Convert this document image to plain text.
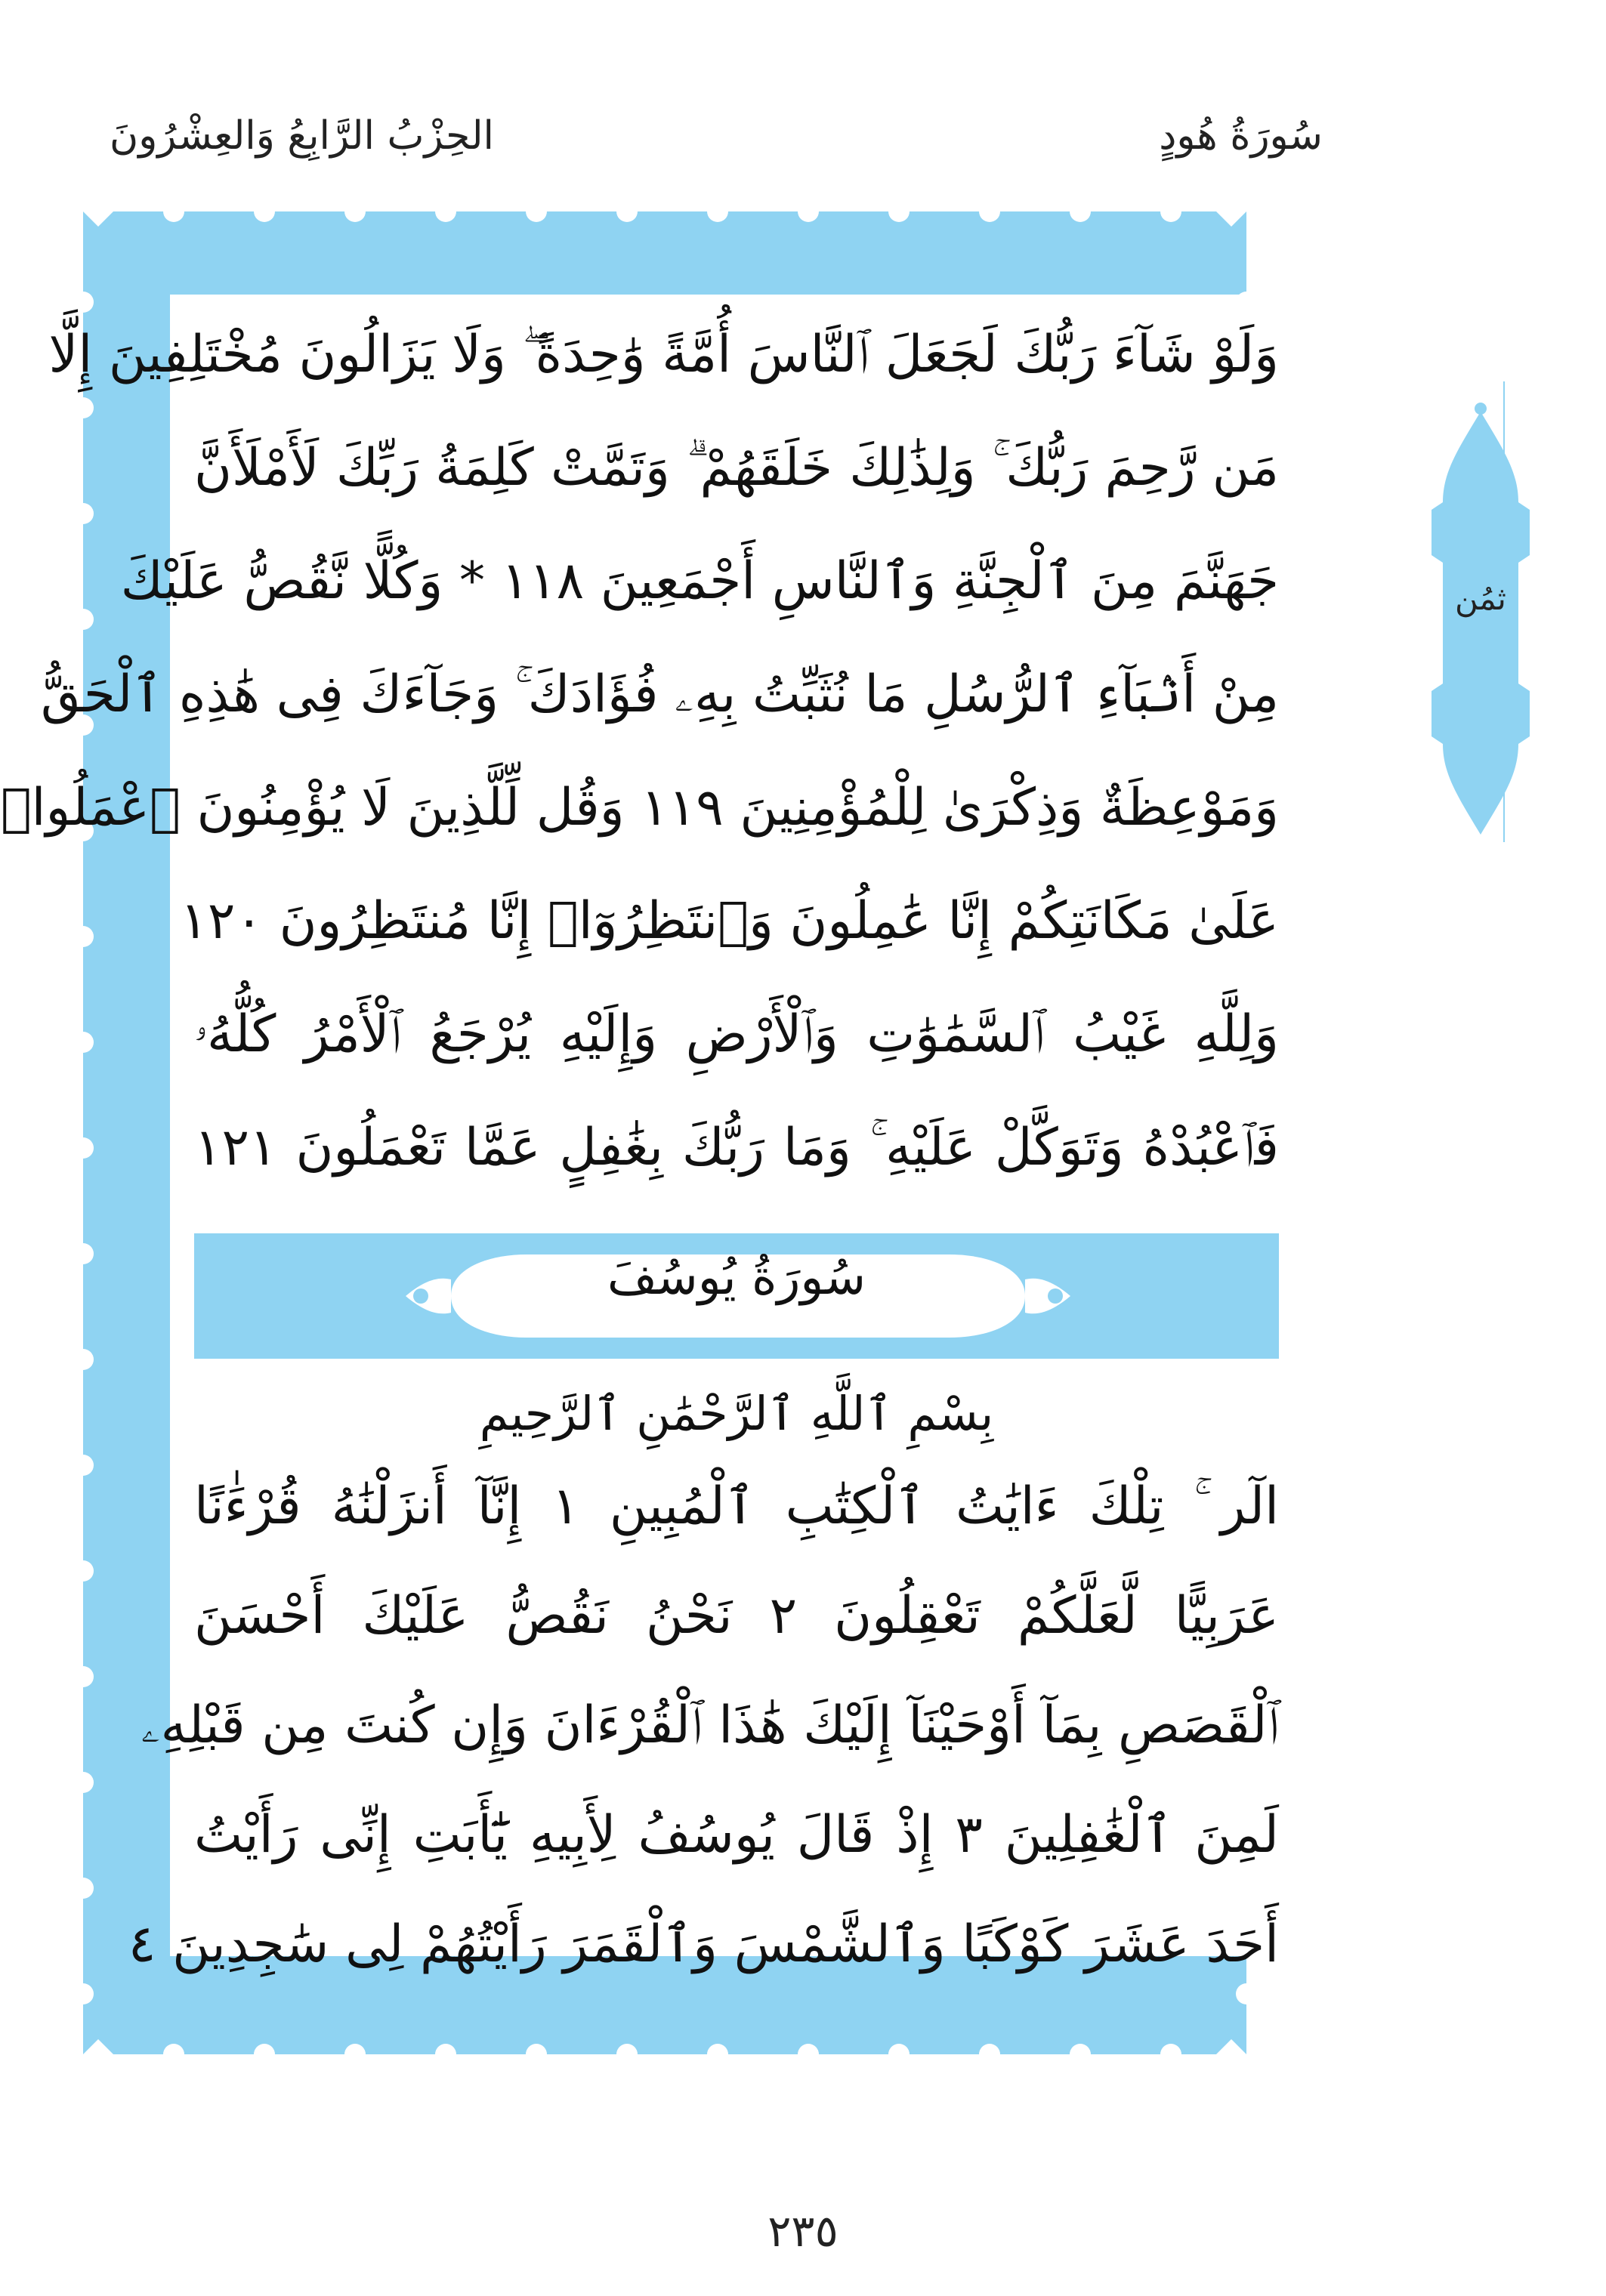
سُورَةُ هُودٍ
الحِزْبُ الرَّابِعُ وَالعِشْرُونَ
وَلَوْ شَآءَ رَبُّكَ لَجَعَلَ ٱلنَّاسَ أُمَّةً وَٰحِدَةً ۖ وَلَا يَزَالُونَ مُخْتَلِفِينَ إِلَّا
مَن رَّحِمَ رَبُّكَ ۚ وَلِذَٰلِكَ خَلَقَهُمْ ۗ وَتَمَّتْ كَلِمَةُ رَبِّكَ لَأَمْلَأَنَّ
جَهَنَّمَ مِنَ ٱلْجِنَّةِ وَٱلنَّاسِ أَجْمَعِينَ ١١٨ * وَكُلًّا نَّقُصُّ عَلَيْكَ
مِنْ أَنۢبَآءِ ٱلرُّسُلِ مَا نُثَبِّتُ بِهِۦ فُؤَادَكَ ۚ وَجَآءَكَ فِى هَٰذِهِ ٱلْحَقُّ
وَمَوْعِظَةٌ وَذِكْرَىٰ لِلْمُؤْمِنِينَ ١١٩ وَقُل لِّلَّذِينَ لَا يُؤْمِنُونَ ٱعْمَلُوا۟
عَلَىٰ مَكَانَتِكُمْ إِنَّا عَٰمِلُونَ وَٱنتَظِرُوٓا۟ إِنَّا مُنتَظِرُونَ ١٢٠
وَلِلَّهِ غَيْبُ ٱلسَّمَٰوَٰتِ وَٱلْأَرْضِ وَإِلَيْهِ يُرْجَعُ ٱلْأَمْرُ كُلُّهُۥ
فَٱعْبُدْهُ وَتَوَكَّلْ عَلَيْهِ ۚ وَمَا رَبُّكَ بِغَٰفِلٍ عَمَّا تَعْمَلُونَ ١٢١
سُورَةُ يُوسُفَ
بِسْمِ ٱللَّهِ ٱلرَّحْمَٰنِ ٱلرَّحِيمِ
الٓر ۚ تِلْكَ ءَايَٰتُ ٱلْكِتَٰبِ ٱلْمُبِينِ ١ إِنَّآ أَنزَلْنَٰهُ قُرْءَٰنًا
عَرَبِيًّا لَّعَلَّكُمْ تَعْقِلُونَ ٢ نَحْنُ نَقُصُّ عَلَيْكَ أَحْسَنَ
ٱلْقَصَصِ بِمَآ أَوْحَيْنَآ إِلَيْكَ هَٰذَا ٱلْقُرْءَانَ وَإِن كُنتَ مِن قَبْلِهِۦ
لَمِنَ ٱلْغَٰفِلِينَ ٣ إِذْ قَالَ يُوسُفُ لِأَبِيهِ يَٰٓأَبَتِ إِنِّى رَأَيْتُ
أَحَدَ عَشَرَ كَوْكَبًا وَٱلشَّمْسَ وَٱلْقَمَرَ رَأَيْتُهُمْ لِى سَٰجِدِينَ ٤
ثمُن
٢٣٥
